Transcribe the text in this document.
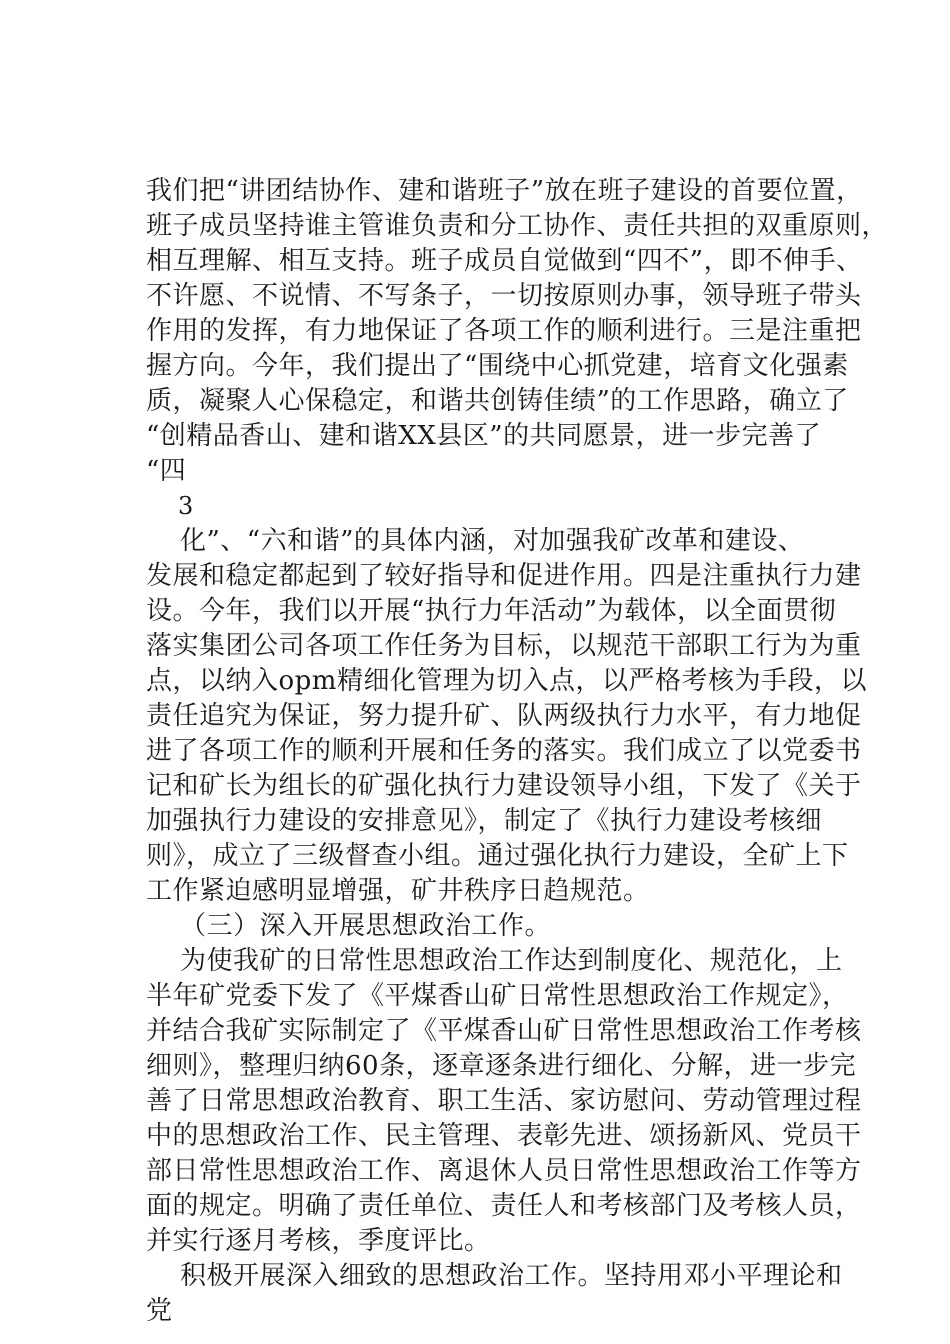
我们把“讲团结协作、建和谐班子”放在班子建设的首要位置，
班子成员坚持谁主管谁负责和分工协作、责任共担的双重原则，
相互理解、相互支持。班子成员自觉做到“四不”，即不伸手、
不许愿、不说情、不写条子，一切按原则办事，领导班子带头
作用的发挥，有力地保证了各项工作的顺利进行。三是注重把
握方向。今年，我们提出了“围绕中心抓党建，培育文化强素
质，凝聚人心保稳定，和谐共创铸佳绩”的工作思路，确立了
“创精品香山、建和谐XX县区”的共同愿景，进一步完善了
“四
3
化”、“六和谐”的具体内涵，对加强我矿改革和建设、
发展和稳定都起到了较好指导和促进作用。四是注重执行力建
设。今年，我们以开展“执行力年活动”为载体，以全面贯彻
落实集团公司各项工作任务为目标，以规范干部职工行为为重
点，以纳入opm精细化管理为切入点，以严格考核为手段，以
责任追究为保证，努力提升矿、队两级执行力水平，有力地促
进了各项工作的顺利开展和任务的落实。我们成立了以党委书
记和矿长为组长的矿强化执行力建设领导小组，下发了《关于
加强执行力建设的安排意见》，制定了《执行力建设考核细
则》，成立了三级督查小组。通过强化执行力建设，全矿上下
工作紧迫感明显增强，矿井秩序日趋规范。
（三）深入开展思想政治工作。
为使我矿的日常性思想政治工作达到制度化、规范化，上
半年矿党委下发了《平煤香山矿日常性思想政治工作规定》，
并结合我矿实际制定了《平煤香山矿日常性思想政治工作考核
细则》，整理归纳60条，逐章逐条进行细化、分解，进一步完
善了日常思想政治教育、职工生活、家访慰问、劳动管理过程
中的思想政治工作、民主管理、表彰先进、颂扬新风、党员干
部日常性思想政治工作、离退休人员日常性思想政治工作等方
面的规定。明确了责任单位、责任人和考核部门及考核人员，
并实行逐月考核，季度评比。
积极开展深入细致的思想政治工作。坚持用邓小平理论和
党
